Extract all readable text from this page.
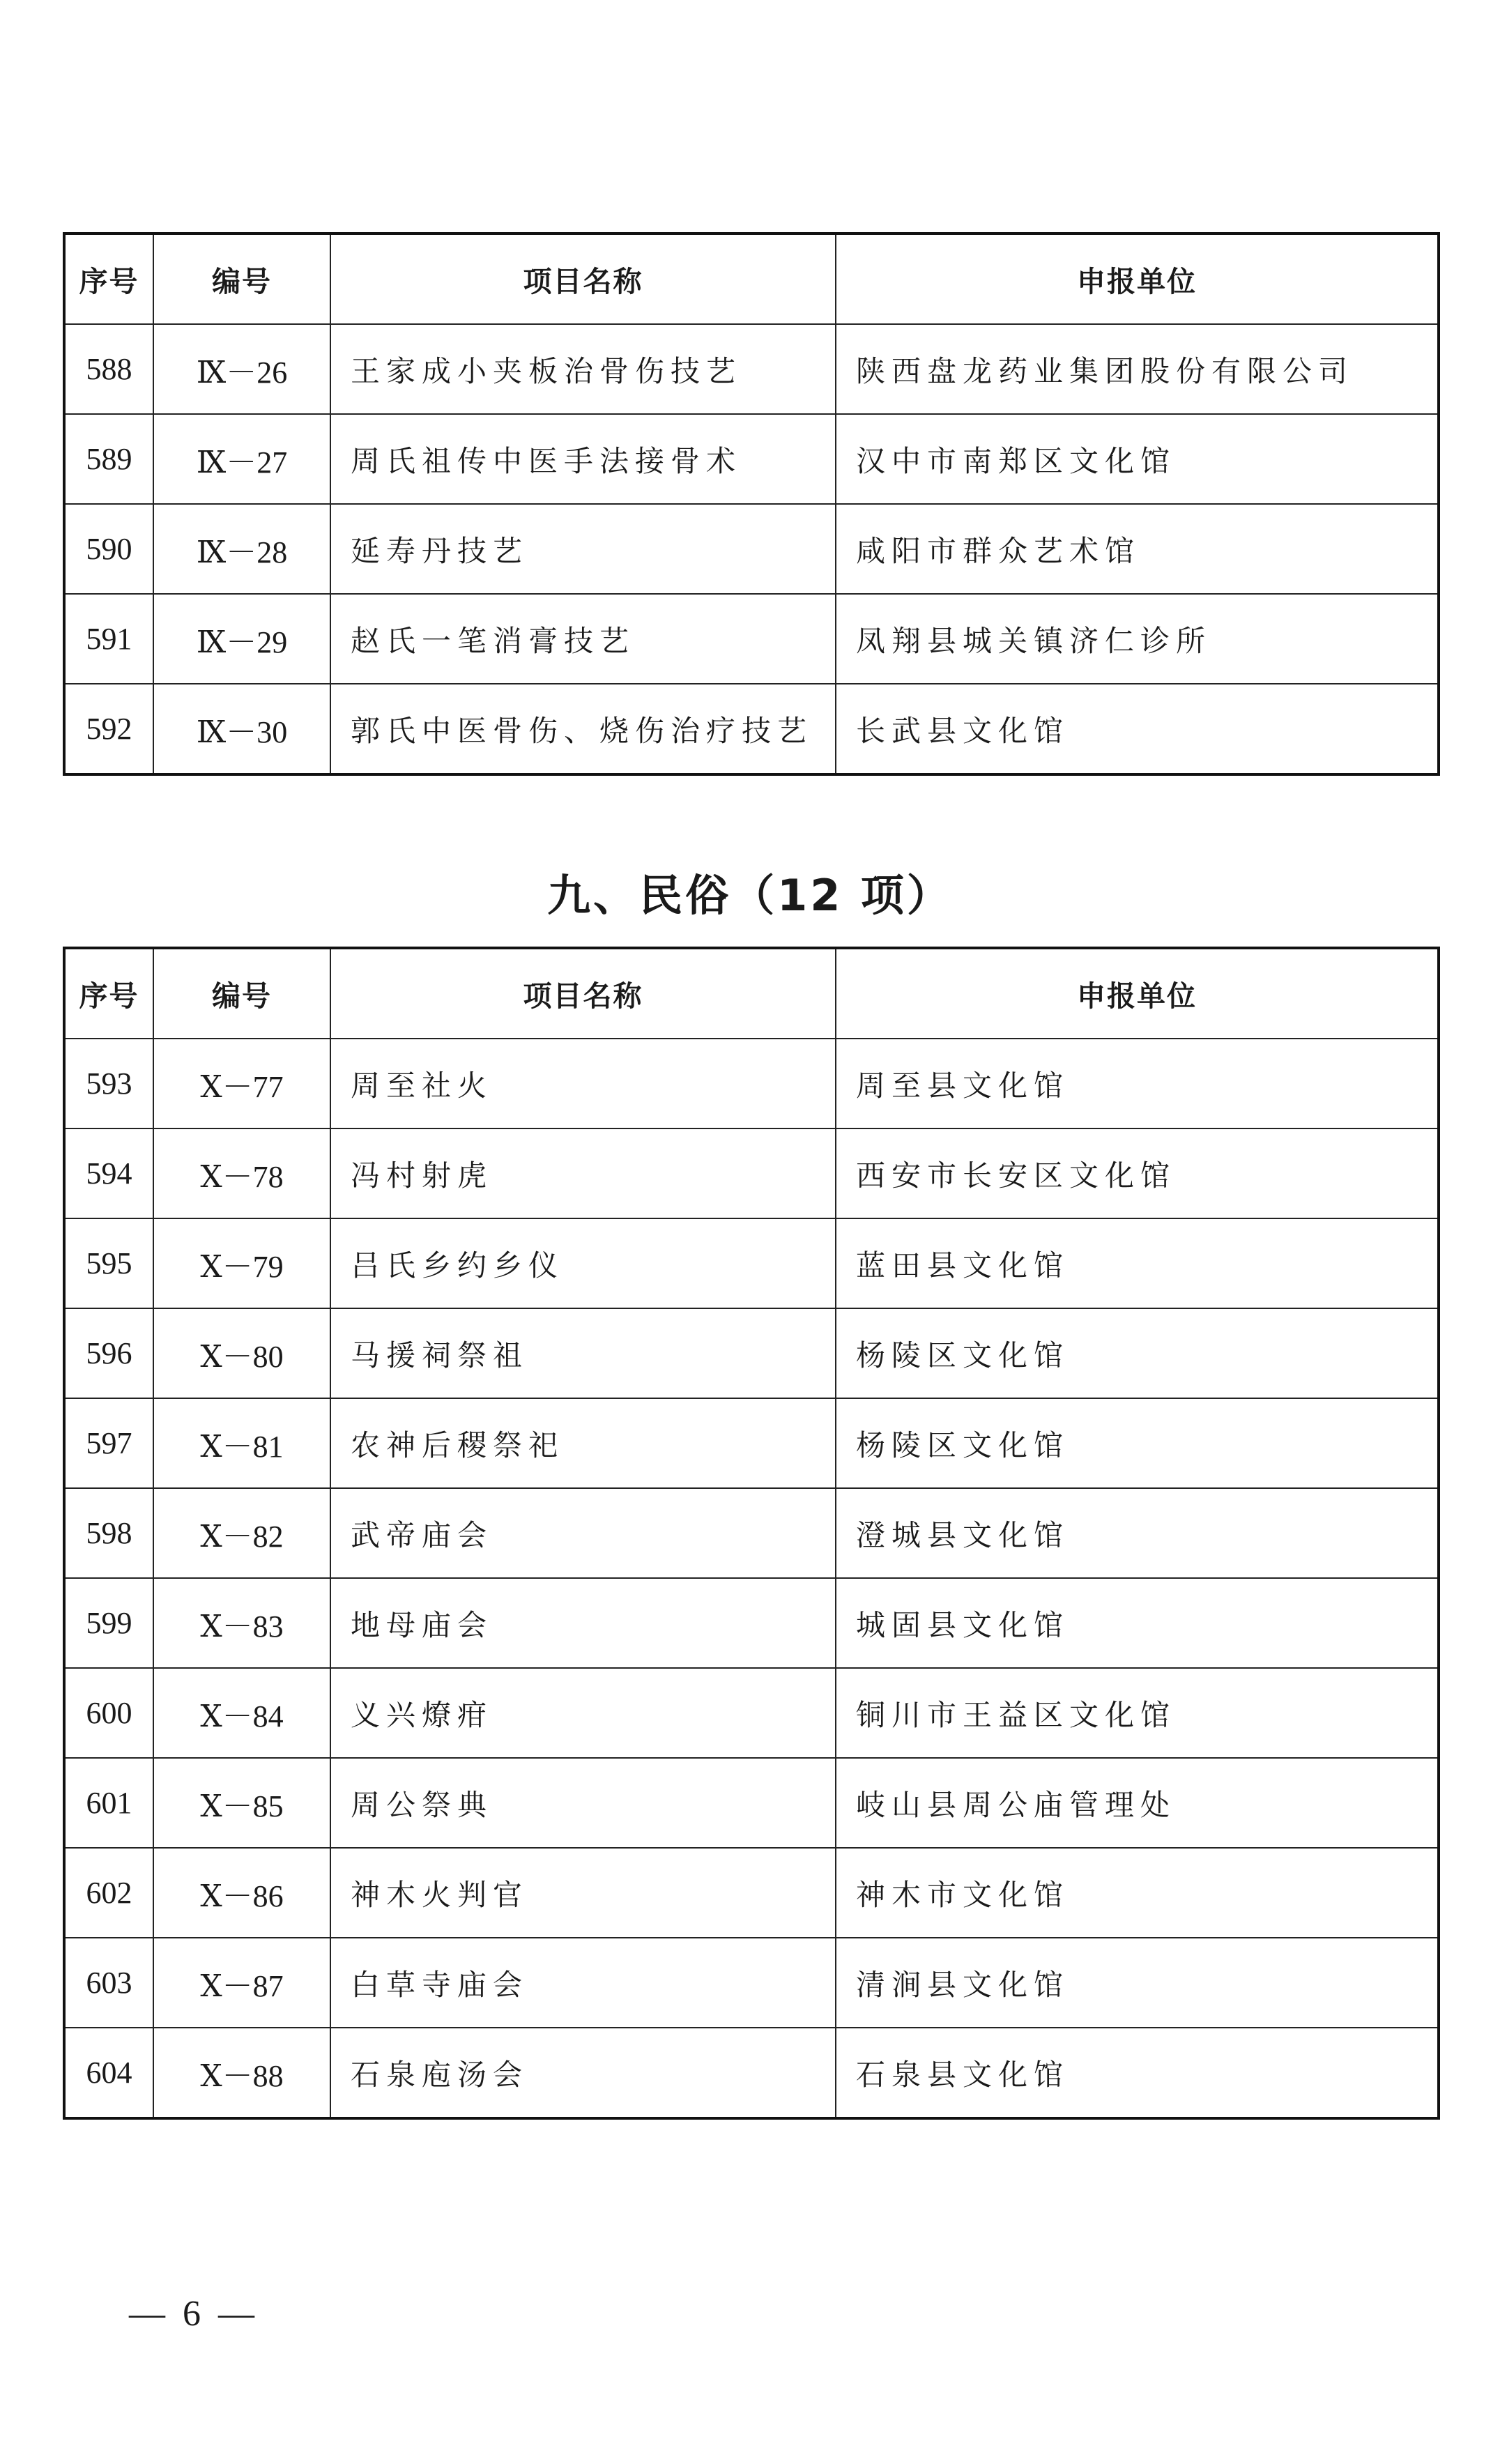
序号	编号	项目名称	申报单位
588	Ⅸ－26	王家成小夹板治骨伤技艺	陕西盘龙药业集团股份有限公司
589	Ⅸ－27	周氏祖传中医手法接骨术	汉中市南郑区文化馆
590	Ⅸ－28	延寿丹技艺	咸阳市群众艺术馆
591	Ⅸ－29	赵氏一笔消膏技艺	凤翔县城关镇济仁诊所
592	Ⅸ－30	郭氏中医骨伤、烧伤治疗技艺	长武县文化馆
九、民俗（12 项）
序号	编号	项目名称	申报单位
593	Ⅹ－77	周至社火	周至县文化馆
594	Ⅹ－78	冯村射虎	西安市长安区文化馆
595	Ⅹ－79	吕氏乡约乡仪	蓝田县文化馆
596	Ⅹ－80	马援祠祭祖	杨陵区文化馆
597	Ⅹ－81	农神后稷祭祀	杨陵区文化馆
598	Ⅹ－82	武帝庙会	澄城县文化馆
599	Ⅹ－83	地母庙会	城固县文化馆
600	Ⅹ－84	义兴燎疳	铜川市王益区文化馆
601	Ⅹ－85	周公祭典	岐山县周公庙管理处
602	Ⅹ－86	神木火判官	神木市文化馆
603	Ⅹ－87	白草寺庙会	清涧县文化馆
604	Ⅹ－88	石泉庖汤会	石泉县文化馆
— 6 —
